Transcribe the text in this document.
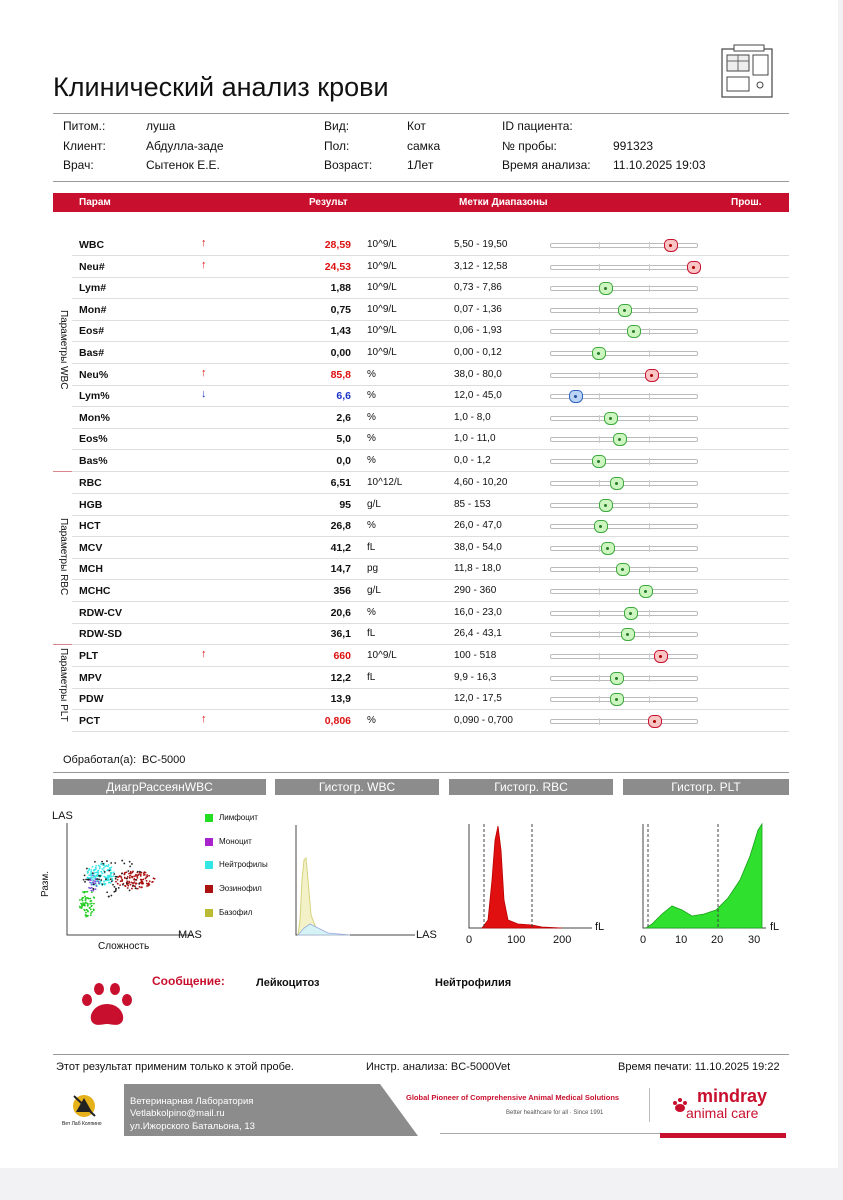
Клинический анализ крови
Питом.:	луша
Клиент:	Абдулла-заде
Врач:	Сытенок Е.Е.
Вид:	Кот
Пол:	самка
Возраст:	1Лет
ID пациента:
№ пробы:	991323
Время анализа: 11.10.2025 19:03
Парам	Результ	Метки Диапазоны	Прош.
Параметры WBC
Параметры RBC
Параметры PLT
WBC	↑	28,59 10^9/L	5,50 - 19,50
Neu#	↑	24,53 10^9/L	3,12 - 12,58
Lym#	1,88 10^9/L	0,73 - 7,86
Mon#	0,75 10^9/L	0,07 - 1,36
Eos#	1,43 10^9/L	0,06 - 1,93
Bas#	0,00 10^9/L	0,00 - 0,12
Neu%	↑	85,8 %	38,0 - 80,0
Lym%	↓	6,6 %	12,0 - 45,0
Mon%	2,6 %	1,0 - 8,0
Eos%	5,0 %	1,0 - 11,0
Bas%	0,0 %	0,0 - 1,2
RBC	6,51 10^12/L	4,60 - 10,20
HGB	95 g/L	85 - 153
HCT	26,8 %	26,0 - 47,0
MCV	41,2 fL	38,0 - 54,0
MCH	14,7 pg	11,8 - 18,0
MCHC	356 g/L	290 - 360
RDW-CV	20,6 %	16,0 - 23,0
RDW-SD	36,1 fL	26,4 - 43,1
PLT	↑	660 10^9/L	100 - 518
MPV	12,2 fL	9,9 - 16,3
PDW	13,9	12,0 - 17,5
PCT	↑	0,806 %	0,090 - 0,700
Обработал(а): BC-5000
ДиагрРассеянWBC	Гистогр. WBC	Гистогр. RBC	Гистогр. PLT
LAS
MAS
Сложность
Разм.
Лимфоцит
Моноцит
Нейтрофилы
Эозинофил
Базофил
LAS	0	100	200
fL
0	10 20 30
fL
Сообщение:	Лейкоцитоз	Нейтрофилия
Этот результат применим только к этой пробе.	Инстр. анализа: BC-5000Vet	Время печати: 11.10.2025 19:22
Вет Лаб Колпино
Ветеринарная Лаборатория
Vetlabkolpino@mail.ru
ул.Ижорского Батальона, 13
Global Pioneer of Comprehensive Animal Medical Solutions
Better healthcare for all · Since 1991
mindray
animal care
